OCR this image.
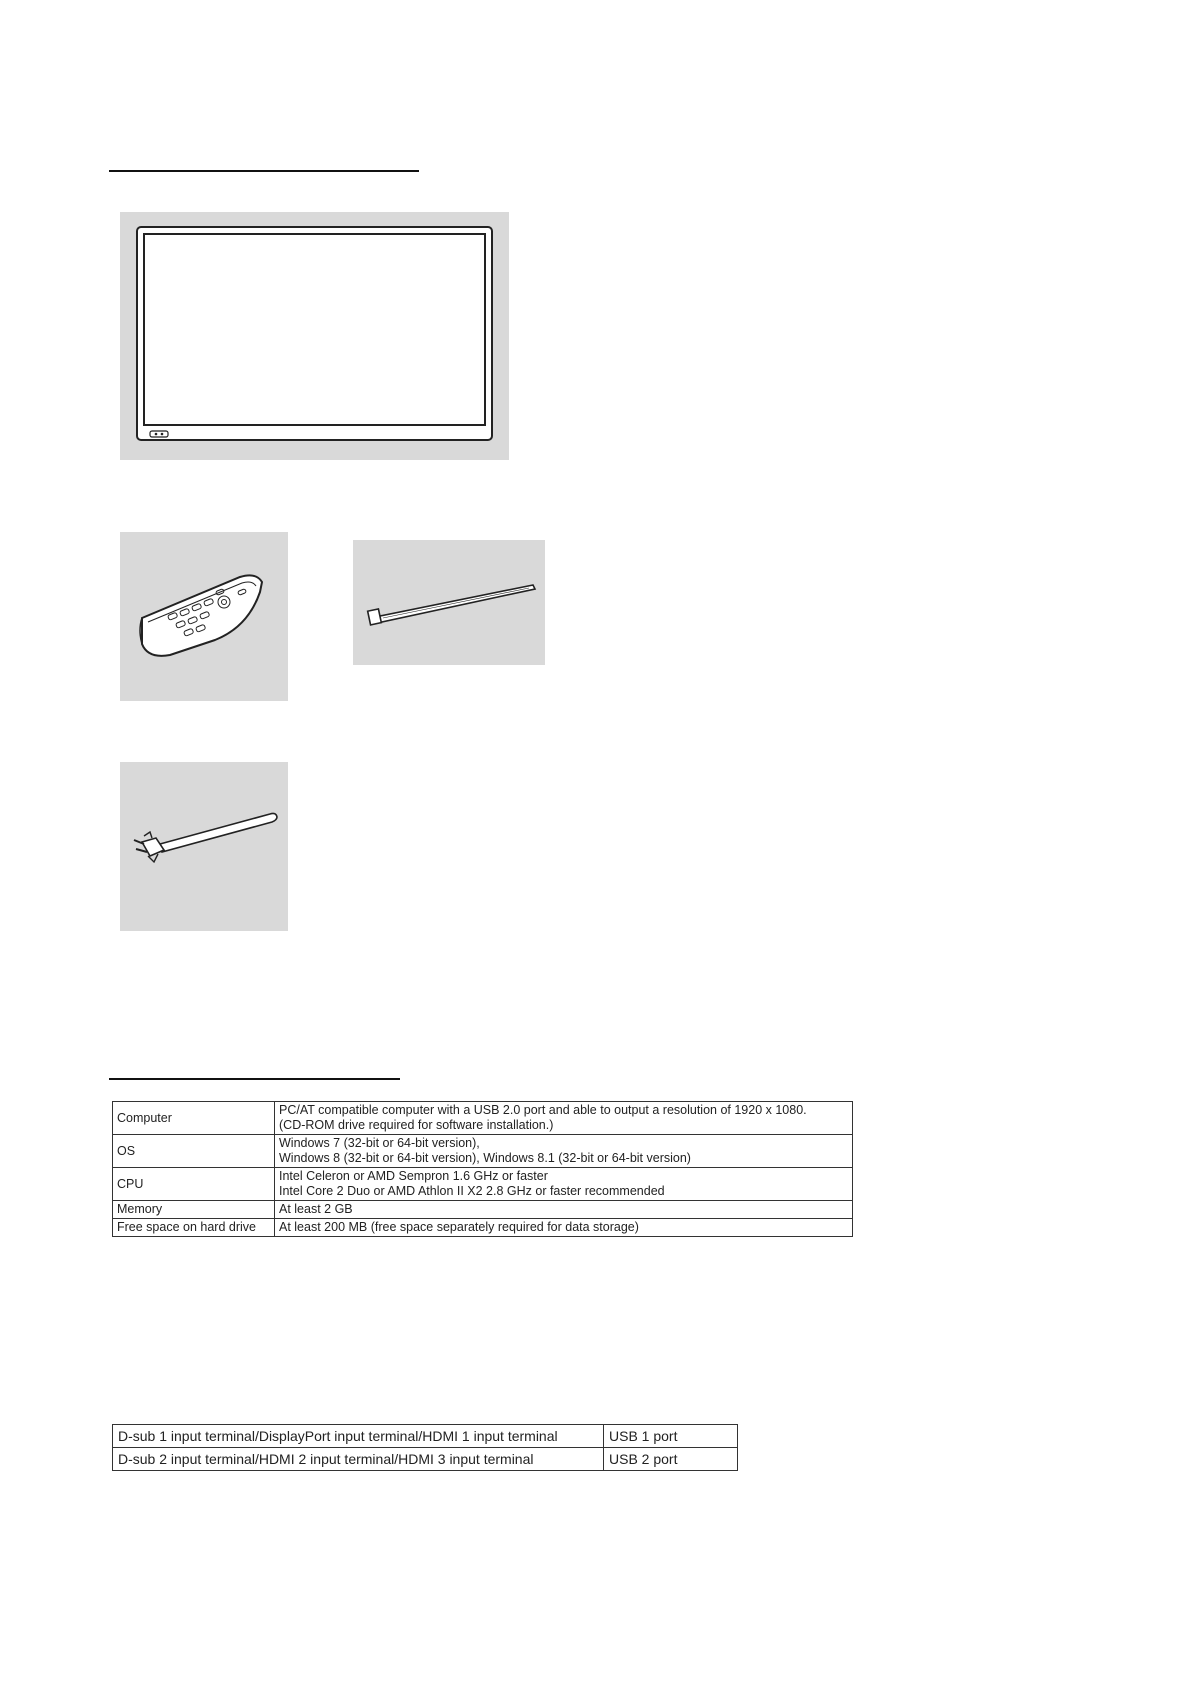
Computer	PC/AT compatible computer with a USB 2.0 port and able to output a resolution of 1920 x 1080.
(CD-ROM drive required for software installation.)

OS	Windows 7 (32-bit or 64-bit version),
Windows 8 (32-bit or 64-bit version), Windows 8.1 (32-bit or 64-bit version)

CPU	Intel Celeron or AMD Sempron 1.6 GHz or faster
Intel Core 2 Duo or AMD Athlon II X2 2.8 GHz or faster recommended

Memory	At least 2 GB

Free space on hard drive	At least 200 MB (free space separately required for data storage)
D-sub 1 input terminal/DisplayPort input terminal/HDMI 1 input terminal	USB 1 port
D-sub 2 input terminal/HDMI 2 input terminal/HDMI 3 input terminal	USB 2 port
